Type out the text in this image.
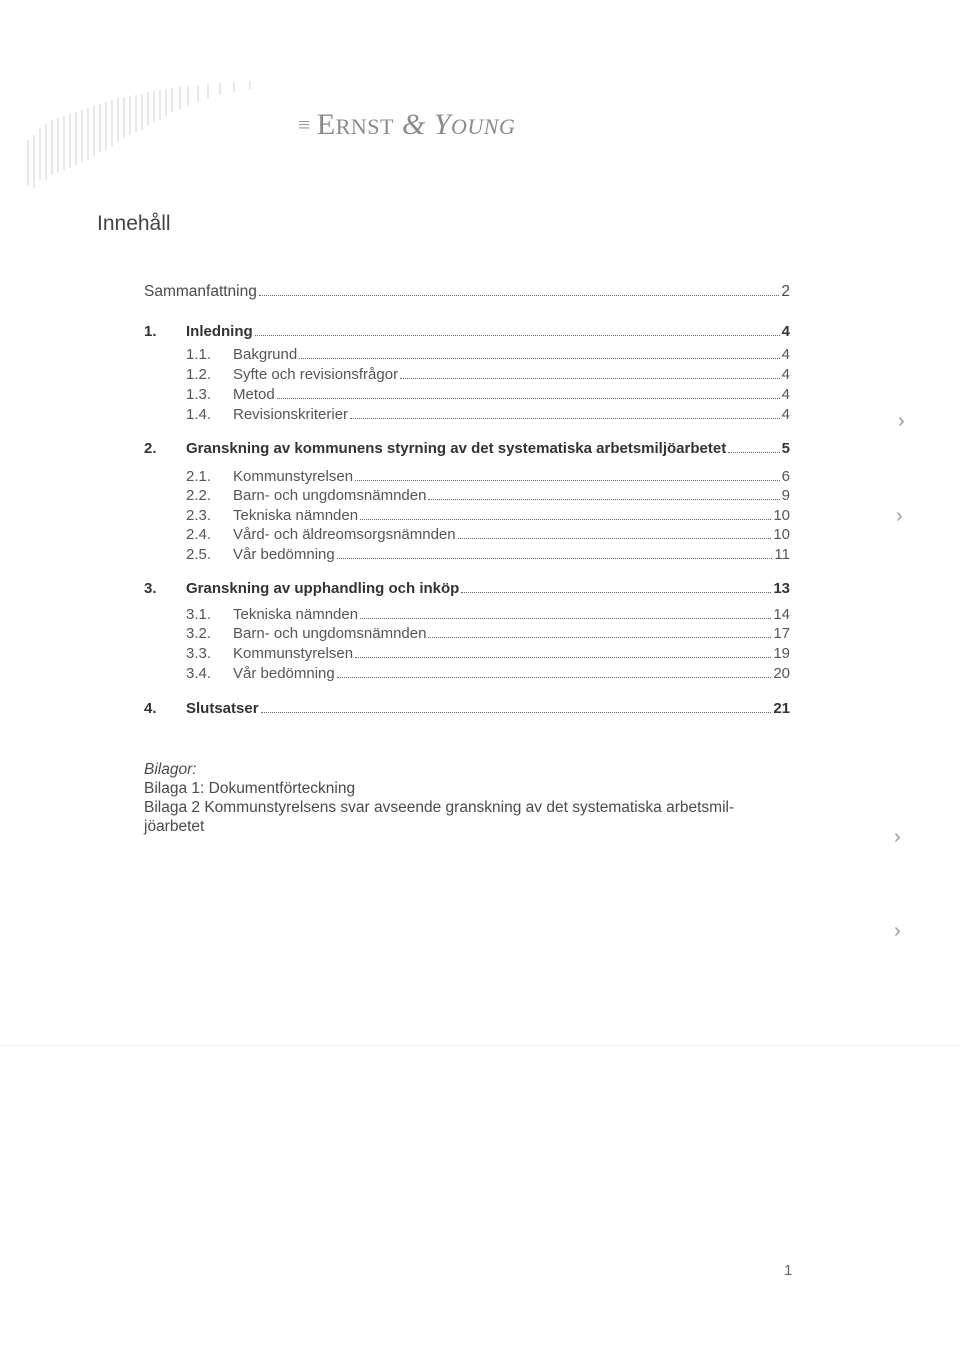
≡ ERNST & YOUNG
Innehåll
Sammanfattning	2
1. Inledning	4
1.1. Bakgrund	4
1.2. Syfte och revisionsfrågor	4
1.3. Metod	4
1.4. Revisionskriterier	4
2. Granskning av kommunens styrning av det systematiska arbetsmiljöarbetet	5
2.1. Kommunstyrelsen	6
2.2. Barn- och ungdomsnämnden	9
2.3. Tekniska nämnden	10
2.4. Vård- och äldreomsorgsnämnden	10
2.5. Vår bedömning	11
3. Granskning av upphandling och inköp	13
3.1. Tekniska nämnden	14
3.2. Barn- och ungdomsnämnden	17
3.3. Kommunstyrelsen	19
3.4. Vår bedömning	20
4. Slutsatser	21
Bilagor:
Bilaga 1: Dokumentförteckning
Bilaga 2 Kommunstyrelsens svar avseende granskning av det systematiska arbetsmil-
jöarbetet
1
›
›
›
›
